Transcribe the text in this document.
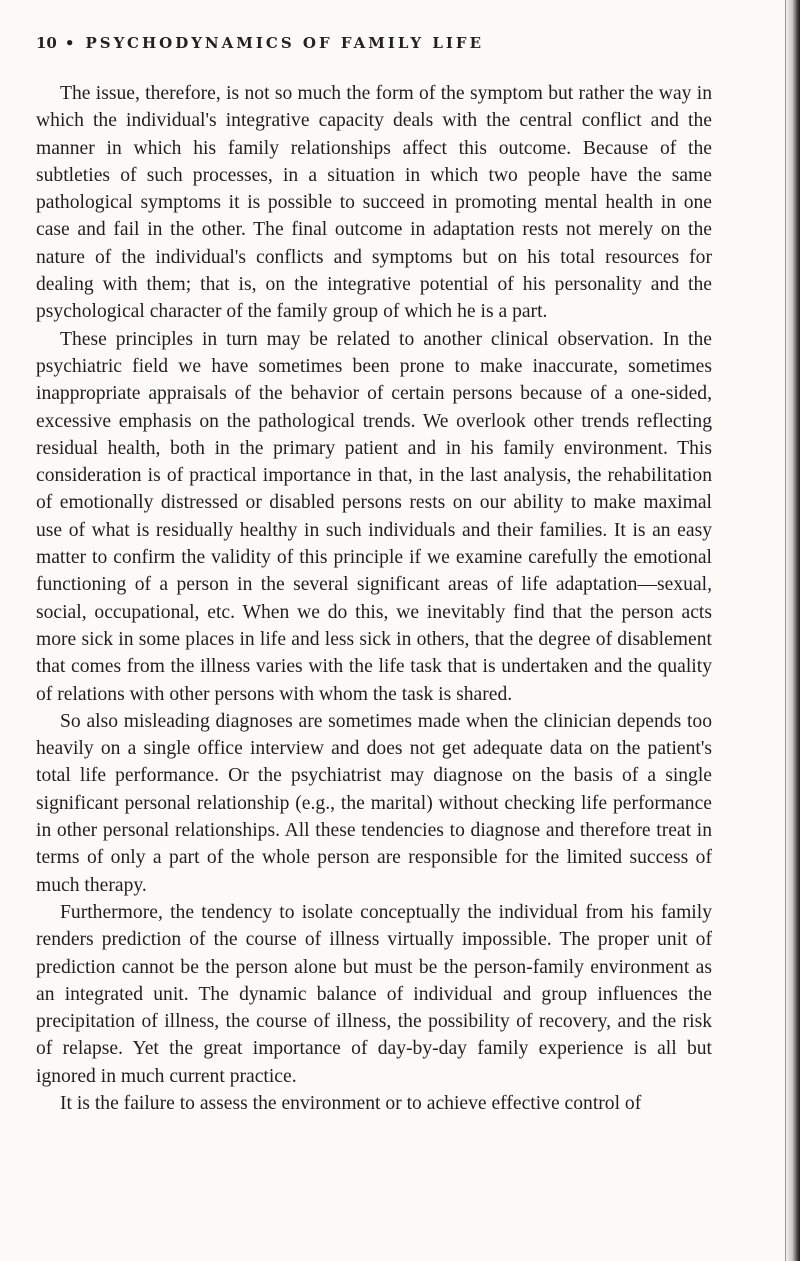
10 • PSYCHODYNAMICS OF FAMILY LIFE

The issue, therefore, is not so much the form of the symptom but rather the way in which the individual's integrative capacity deals with the central conflict and the manner in which his family relationships affect this outcome. Because of the subtleties of such processes, in a situation in which two people have the same pathological symptoms it is possible to succeed in promoting mental health in one case and fail in the other. The final outcome in adaptation rests not merely on the nature of the individual's conflicts and symptoms but on his total resources for dealing with them; that is, on the integrative potential of his personality and the psychological character of the family group of which he is a part.

These principles in turn may be related to another clinical observation. In the psychiatric field we have sometimes been prone to make inaccurate, sometimes inappropriate appraisals of the behavior of certain persons because of a one-sided, excessive emphasis on the pathological trends. We overlook other trends reflecting residual health, both in the primary patient and in his family environment. This consideration is of practical importance in that, in the last analysis, the rehabilitation of emotionally distressed or disabled persons rests on our ability to make maximal use of what is residually healthy in such individuals and their families. It is an easy matter to confirm the validity of this principle if we examine carefully the emotional functioning of a person in the several significant areas of life adaptation—sexual, social, occupational, etc. When we do this, we inevitably find that the person acts more sick in some places in life and less sick in others, that the degree of disablement that comes from the illness varies with the life task that is undertaken and the quality of relations with other persons with whom the task is shared.

So also misleading diagnoses are sometimes made when the clinician depends too heavily on a single office interview and does not get adequate data on the patient's total life performance. Or the psychiatrist may diagnose on the basis of a single significant personal relationship (e.g., the marital) without checking life performance in other personal relationships. All these tendencies to diagnose and therefore treat in terms of only a part of the whole person are responsible for the limited success of much therapy.

Furthermore, the tendency to isolate conceptually the individual from his family renders prediction of the course of illness virtually impossible. The proper unit of prediction cannot be the person alone but must be the person-family environment as an integrated unit. The dynamic balance of individual and group influences the precipitation of illness, the course of illness, the possibility of recovery, and the risk of relapse. Yet the great importance of day-by-day family experience is all but ignored in much current practice.

It is the failure to assess the environment or to achieve effective control of
